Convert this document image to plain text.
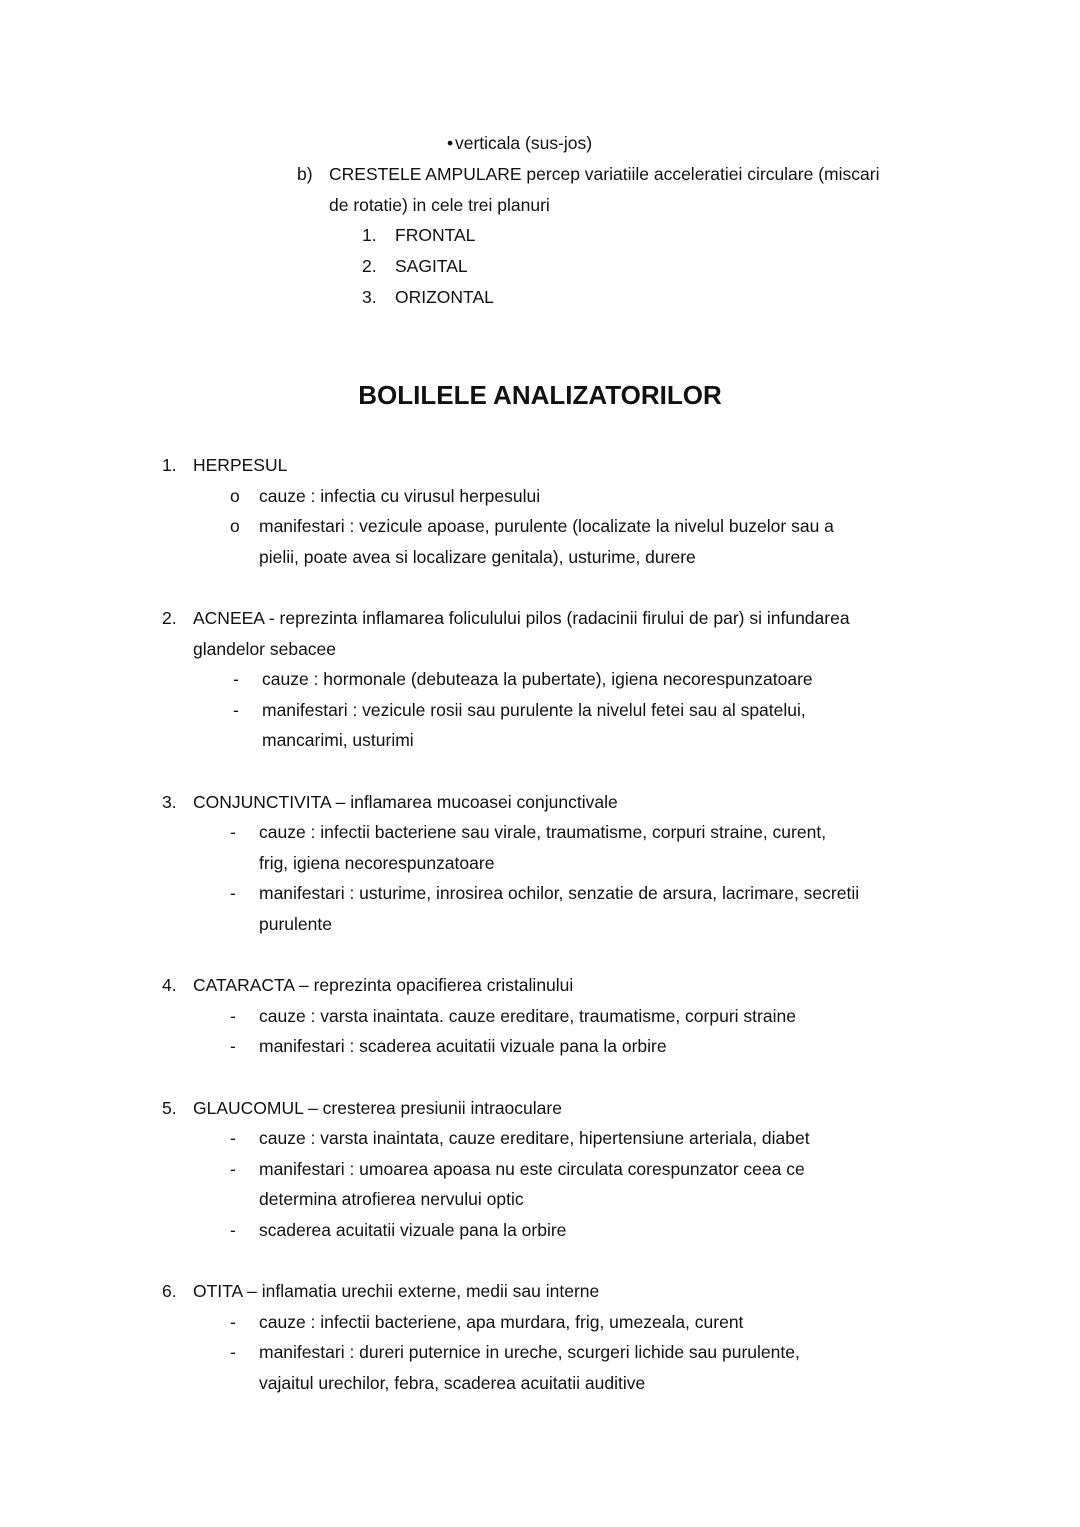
• verticala (sus-jos)
b) CRESTELE AMPULARE percep variatiile acceleratiei circulare (miscari
de rotatie) in cele trei planuri
1. FRONTAL
2. SAGITAL
3. ORIZONTAL
BOLILELE ANALIZATORILOR
1. HERPESUL
o cauze : infectia cu virusul herpesului
o manifestari : vezicule apoase, purulente (localizate la nivelul buzelor sau a
pielii, poate avea si localizare genitala), usturime, durere
2. ACNEEA - reprezinta inflamarea foliculului pilos (radacinii firului de par) si infundarea
glandelor sebacee
- cauze : hormonale (debuteaza la pubertate), igiena necorespunzatoare
- manifestari : vezicule rosii sau purulente la nivelul fetei sau al spatelui,
mancarimi, usturimi
3. CONJUNCTIVITA – inflamarea mucoasei conjunctivale
- cauze : infectii bacteriene sau virale, traumatisme, corpuri straine, curent,
frig, igiena necorespunzatoare
- manifestari : usturime, inrosirea ochilor, senzatie de arsura, lacrimare, secretii
purulente
4. CATARACTA – reprezinta opacifierea cristalinului
- cauze : varsta inaintata. cauze ereditare, traumatisme, corpuri straine
- manifestari : scaderea acuitatii vizuale pana la orbire
5. GLAUCOMUL – cresterea presiunii intraoculare
- cauze : varsta inaintata, cauze ereditare, hipertensiune arteriala, diabet
- manifestari : umoarea apoasa nu este circulata corespunzator ceea ce
determina atrofierea nervului optic
- scaderea acuitatii vizuale pana la orbire
6. OTITA – inflamatia urechii externe, medii sau interne
- cauze : infectii bacteriene, apa murdara, frig, umezeala, curent
- manifestari : dureri puternice in ureche, scurgeri lichide sau purulente,
vajaitul urechilor, febra, scaderea acuitatii auditive
